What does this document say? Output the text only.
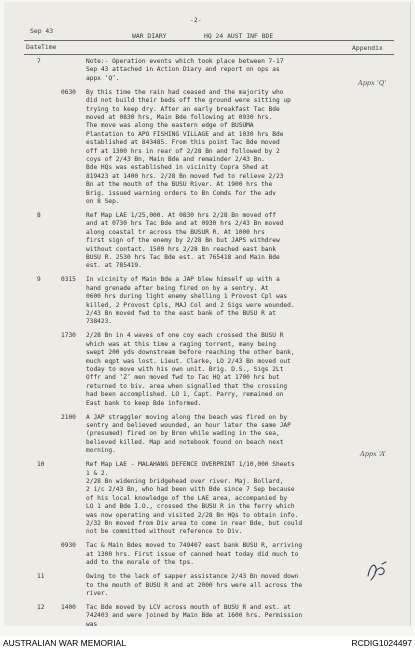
-2-
Sep 43
WAR DIARY	HQ 24 AUST INF BDE
Date Time	Appendix
7	Note:- Operation events which took place between 7-17
Sep 43 attached in Action Diary and report on ops as
appx ‘Q’.
0630 By this time the rain had ceased and the majority who
did not build their beds off the ground were sitting up
trying to keep dry. After an early breakfast Tac Bde
moved at 0830 hrs, Main Bde following at 0930 hrs.
The move was along the eastern edge of BUSUMA
Plantation to APO FISHING VILLAGE and at 1030 hrs Bde
established at 843485. From this point Tac Bde moved
off at 1300 hrs in rear of 2/28 Bn and followed by 2
coys of 2/43 Bn, Main Bde and remainder 2/43 Bn.
Bde HQs was established in vicinity Copra Shed at
819423 at 1400 hrs. 2/28 Bn moved fwd to relieve 2/23
Bn at the mouth of the BUSU River. At 1900 hrs the
Brig. issued warning orders to Bn Comds for the adv
on 8 Sep.
8	Ref Map LAE 1/25,000. At 0830 hrs 2/28 Bn moved off
and at 0730 hrs Tac Bde and at 0930 hrs 2/43 Bn moved
along coastal tr across the BUSUR R. At 1000 hrs
first sign of the enemy by 2/28 Bn but JAPS withdrew
without contact. 1500 hrs 2/28 Bn reached east bank
BUSU R. 2530 hrs Tac Bde est. at 765418 and Main Bde
est. at 785419.
9	0315 In vicinity of Main Bde a JAP blew himself up with a
hand grenade after being fired on by a sentry. At
0600 hrs during light enemy shelling 1 Provost Cpl was
killed, 2 Provost Cpls, MAJ Col and 2 Sigs were wounded.
2/43 Bn moved fwd to the east bank of the BUSU R at
738423.
1730 2/28 Bn in 4 waves of one coy each crossed the BUSU R
which was at this time a raging torrent, many being
swept 200 yds downstream before reaching the other bank,
much eqpt was lost. Lieut. Clarke, LO 2/43 Bn moved out
today to move with his own unit. Brig. D.S., Sigs 2Lt
Offr and ‘Z’ men moved fwd to Tac HQ at 1700 hrs but
returned to biv. area when signalled that the crossing
had been accomplished. LO 1, Capt. Parry, remained on
East bank to keep Bde informed.
2100 A JAP straggler moving along the beach was fired on by
sentry and believed wounded, an hour later the same JAP
(presumed) fired on by Bren while wading in the sea,
believed killed. Map and notebook found on beach next
morning.
10	Ref Map LAE - MALAHANG DEFENCE OVERPRINT 1/10,000 Sheets
1 & 2.
2/28 Bn widening bridgehead over river. Maj. Bollard,
2 i/c 2/43 Bn, who had been with Bde since 7 Sep because
of his local knowledge of the LAE area, accompanied by
LO 1 and Bde I.O., crossed the BUSU R in the ferry which
was now operating and visited 2/28 Bn HQs to obtain info.
2/32 Bn moved from Div area to come in rear Bde, but could
not be committed without reference to Div.
0930 Tac & Main Bdes moved to 749407 east bank BUSU R, arriving
at 1300 hrs. First issue of canned heat today did much to
add to the morale of the tps.
11	Owing to the lack of sapper assistance 2/43 Bn moved down
to the mouth of BUSU R and at 2000 hrs were all across the
river.
12	1400 Tac Bde moved by LCV across mouth of BUSU R and est. at
742403 and were joined by Main Bde at 1600 hrs. Permission
was
Appx ‘Q’
Appx ‘A’
AUSTRALIAN WAR MEMORIAL	RCDIG1024497
